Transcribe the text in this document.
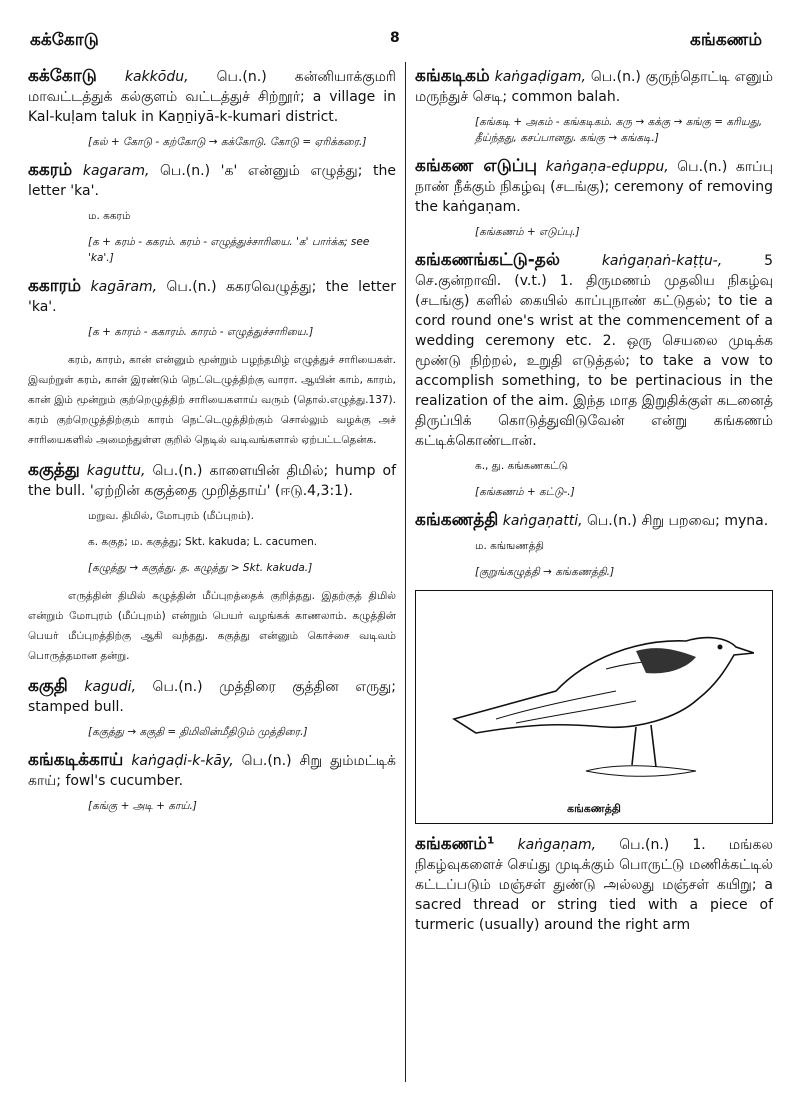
கக்கோடு	8	கங்கணம்

கக்கோடு kakkōdu, பெ.(n.) கன்னியாக்குமரி மாவட்டத்துக் கல்குளம் வட்டத்துச் சிற்றூர்; a village in Kal-kuḷam taluk in Kaṉṉiyā-k-kumari district.

[கல் + கோடு - கற்கோடு → கக்கோடு. கோடு = ஏரிக்கரை.]

ககரம் kagaram, பெ.(n.) 'க' என்னும் எழுத்து; the letter 'ka'.

ம. ககரம்
[க + கரம் - ககரம். கரம் - எழுத்துச்சாரியை. 'க' பார்க்க; see 'ka'.]

ககாரம் kagāram, பெ.(n.) ககரவெழுத்து; the letter 'ka'.

[க + காரம் - ககாரம். காரம் - எழுத்துச்சாரியை.]
கரம், காரம், கான் என்னும் மூன்றும் பழந்தமிழ் எழுத்துச் சாரியைகள். இவற்றுள் கரம், கான் இரண்டும் நெட்டெழுத்திற்கு வாரா. ஆயின் காம், காரம், கான் இம் மூன்றும் குற்றெழுத்திற் சாரியைகளாய் வரும் (தொல்.எழுத்து.137). கரம் குற்றெழுத்திற்கும் காரம் நெட்டெழுத்திற்கும் சொல்லும் வழக்கு அச் சாரியைகளில் அமைந்துள்ள குறில் நெடில் வடிவங்களால் ஏற்பட்டதென்க.

ககுத்து kaguttu, பெ.(n.) காளையின் திமில்; hump of the bull. 'ஏற்றின் ககுத்தை முறித்தாய்' (ஈடு.4,3:1).

மறுவ. திமில், மோபுரம் (மீப்புறம்).
க. ககுத; ம. ககுத்து; Skt. kakuda; L. cacumen.
[கழுத்து → ககுத்து. த. கழுத்து > Skt. kakuda.]
எருத்தின் திமில் கழுத்தின் மீப்புறத்தைக் குறித்தது. இதற்குத் திமில் என்றும் மோபுரம் (மீப்புறம்) என்றும் பெயர் வழங்கக் காணலாம். கழுத்தின் பெயர் மீப்புறத்திற்கு ஆகி வந்தது. ககுத்து என்னும் கொச்சை வடிவம் பொருத்தமான தன்று.

ககுதி kagudi, பெ.(n.) முத்திரை குத்தின எருது; stamped bull.

[ககுத்து → ககுதி = திமிலின்மீதிடும் முத்திரை.]

கங்கடிக்காய் kaṅgaḍi-k-kāy, பெ.(n.) சிறு தும்மட்டிக் காய்; fowl's cucumber.

[கங்கு + அடி + காய்.]

கங்கடிகம் kaṅgaḍigam, பெ.(n.) குருந்தொட்டி எனும் மருந்துச் செடி; common balah.

[கங்கடி + அகம் - கங்கடிகம். கரு → கக்கு → கங்கு = கரியது, தீய்ந்தது, கசப்பானது. கங்கு → கங்கடி.]

கங்கண எடுப்பு kaṅgaṇa-eḍuppu, பெ.(n.) காப்பு நாண் நீக்கும் நிகழ்வு (சடங்கு); ceremony of removing the kaṅgaṇam.

[கங்கணம் + எடுப்பு.]

கங்கணங்கட்டு-தல்	kaṅgaṇaṅ-kaṭṭu-, 5 செ.குன்றாவி. (v.t.) 1. திருமணம் முதலிய நிகழ்வு (சடங்கு) களில் கையில் காப்புநாண் கட்டுதல்; to tie a cord round one's wrist at the commencement of a wedding ceremony etc. 2. ஒரு செயலை முடிக்க மூண்டு நிற்றல், உறுதி எடுத்தல்; to take a vow to accomplish something, to be pertinacious in the realization of the aim. இந்த மாத இறுதிக்குள் கடனைத் திருப்பிக் கொடுத்துவிடுவேன் என்று கங்கணம் கட்டிக்கொண்டான்.

க., து. கங்கணகட்டு
[கங்கணம் + கட்டு-.]

கங்கணத்தி kaṅgaṇatti, பெ.(n.) சிறு பறவை; myna.

ம. கங்ஙணத்தி
[குறுங்கழுத்தி → கங்கணத்தி.]
கங்கணத்தி

கங்கணம்¹ kaṅgaṇam, பெ.(n.) 1. மங்கல நிகழ்வுகளைச் செய்து முடிக்கும் பொருட்டு மணிக்கட்டில் கட்டப்படும் மஞ்சள் துண்டு அல்லது மஞ்சள் கயிறு; a sacred thread or string tied with a piece of turmeric (usually) around the right arm
